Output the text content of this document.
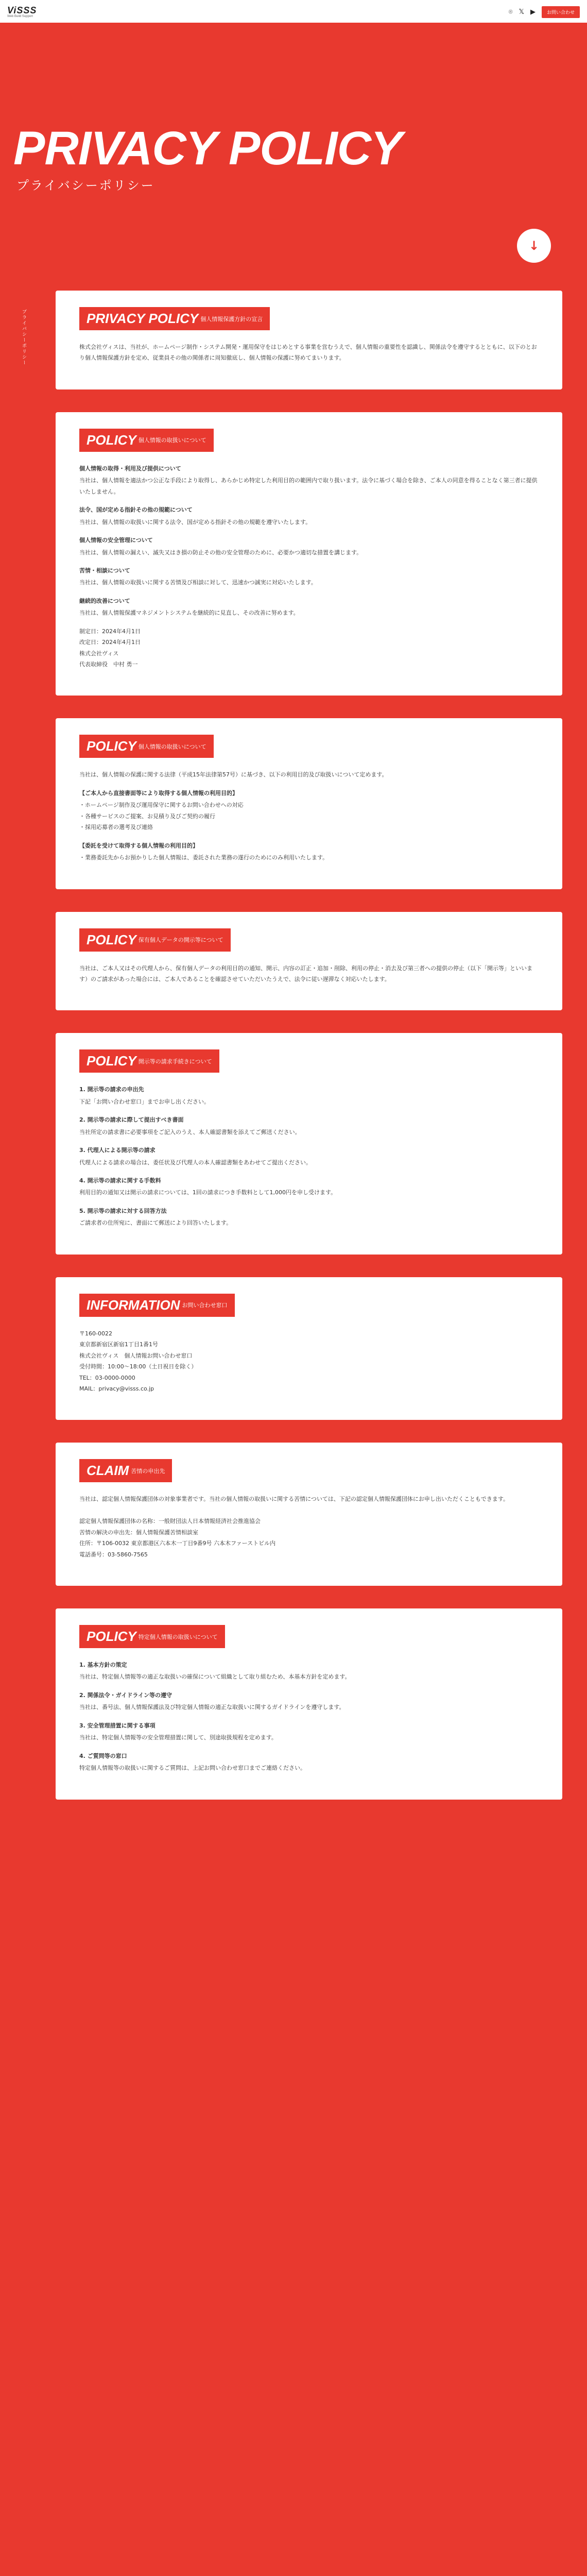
ViSSS
Web Build Support
⌾ 𝕏 ▶	お問い合わせ
PRIVACY POLICY
プライバシーポリシー
↓
プライバシーポリシー	PRIVACY POLICY 個人情報保護方針の宣言

株式会社ヴィスは、当社が、ホームページ制作・システム開発・運用保守をはじめとする事業を営むうえで、個人情報の重要性を認識し、関係法令を遵守するとともに、以下のとおり個人情報保護方針を定め、従業員その他の関係者に周知徹底し、個人情報の保護に努めてまいります。

POLICY 個人情報の取扱いについて

個人情報の取得・利用及び提供について

当社は、個人情報を適法かつ公正な手段により取得し、あらかじめ特定した利用目的の範囲内で取り扱います。法令に基づく場合を除き、ご本人の同意を得ることなく第三者に提供いたしません。

法令、国が定める指針その他の規範について

当社は、個人情報の取扱いに関する法令、国が定める指針その他の規範を遵守いたします。

個人情報の安全管理について

当社は、個人情報の漏えい、滅失又はき損の防止その他の安全管理のために、必要かつ適切な措置を講じます。

苦情・相談について

当社は、個人情報の取扱いに関する苦情及び相談に対して、迅速かつ誠実に対応いたします。

継続的改善について

当社は、個人情報保護マネジメントシステムを継続的に見直し、その改善に努めます。

制定日：2024年4月1日
改定日：2024年4月1日
株式会社ヴィス
代表取締役　中村 勇一

POLICY 個人情報の取扱いについて

当社は、個人情報の保護に関する法律（平成15年法律第57号）に基づき、以下の利用目的及び取扱いについて定めます。

【ご本人から直接書面等により取得する個人情報の利用目的】

・ホームページ制作及び運用保守に関するお問い合わせへの対応
・各種サービスのご提案、お見積り及びご契約の履行
・採用応募者の選考及び連絡

【委託を受けて取得する個人情報の利用目的】

・業務委託先からお預かりした個人情報は、委託された業務の遂行のためにのみ利用いたします。

POLICY 保有個人データの開示等について

当社は、ご本人又はその代理人から、保有個人データの利用目的の通知、開示、内容の訂正・追加・削除、利用の停止・消去及び第三者への提供の停止（以下「開示等」といいます）のご請求があった場合には、ご本人であることを確認させていただいたうえで、法令に従い遅滞なく対応いたします。

POLICY 開示等の請求手続きについて

1. 開示等の請求の申出先

下記「お問い合わせ窓口」までお申し出ください。

2. 開示等の請求に際して提出すべき書面

当社所定の請求書に必要事項をご記入のうえ、本人確認書類を添えてご郵送ください。

3. 代理人による開示等の請求

代理人による請求の場合は、委任状及び代理人の本人確認書類をあわせてご提出ください。

4. 開示等の請求に関する手数料

利用目的の通知又は開示の請求については、1回の請求につき手数料として1,000円を申し受けます。

5. 開示等の請求に対する回答方法

ご請求者の住所宛に、書面にて郵送により回答いたします。

INFORMATION お問い合わせ窓口

〒160-0022
東京都新宿区新宿1丁目1番1号
株式会社ヴィス　個人情報お問い合わせ窓口
受付時間：10:00〜18:00（土日祝日を除く）
TEL：03-0000-0000
MAIL：privacy@visss.co.jp

CLAIM 苦情の申出先

当社は、認定個人情報保護団体の対象事業者です。当社の個人情報の取扱いに関する苦情については、下記の認定個人情報保護団体にお申し出いただくこともできます。

認定個人情報保護団体の名称：一般財団法人日本情報経済社会推進協会
苦情の解決の申出先：個人情報保護苦情相談室
住所：〒106-0032 東京都港区六本木一丁目9番9号 六本木ファーストビル内
電話番号：03-5860-7565

POLICY 特定個人情報の取扱いについて

1. 基本方針の策定

当社は、特定個人情報等の適正な取扱いの確保について組織として取り組むため、本基本方針を定めます。

2. 関係法令・ガイドライン等の遵守

当社は、番号法、個人情報保護法及び特定個人情報の適正な取扱いに関するガイドラインを遵守します。

3. 安全管理措置に関する事項

当社は、特定個人情報等の安全管理措置に関して、別途取扱規程を定めます。

4. ご質問等の窓口

特定個人情報等の取扱いに関するご質問は、上記お問い合わせ窓口までご連絡ください。
